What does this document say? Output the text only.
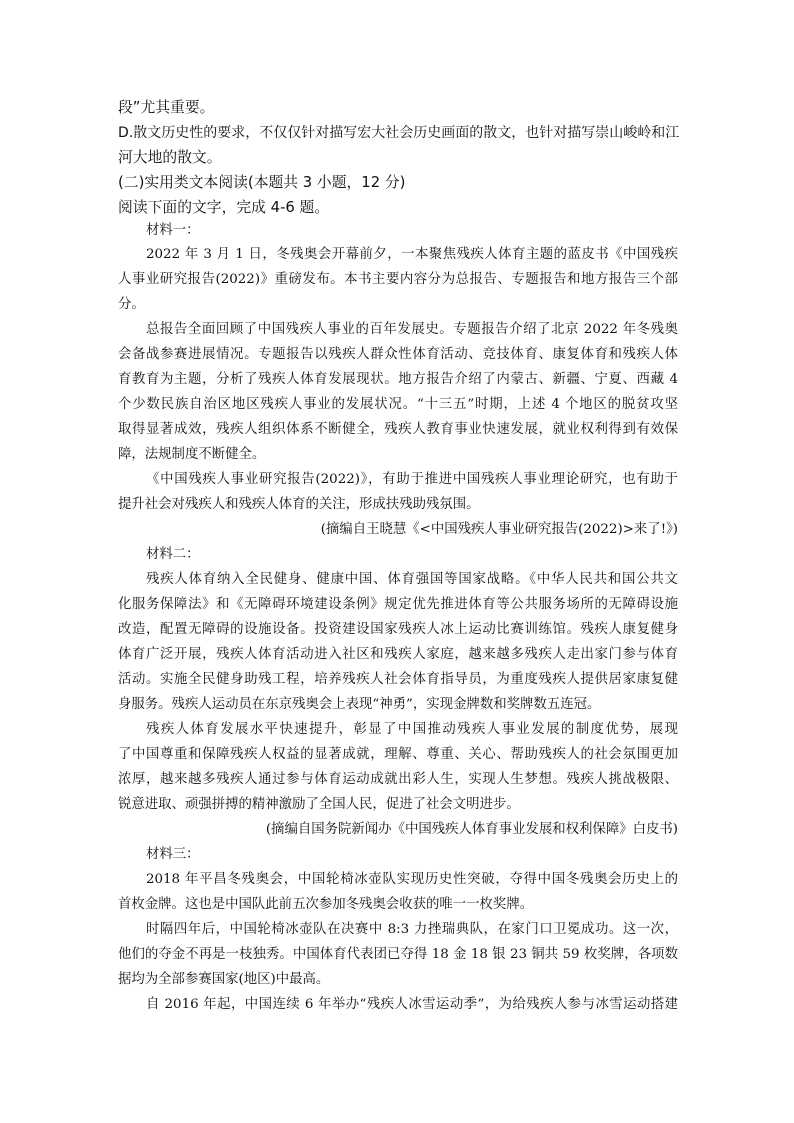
段”尤其重要。
D.散文历史性的要求，不仅仅针对描写宏大社会历史画面的散文，也针对描写崇山峻岭和江
河大地的散文。
(二)实用类文本阅读(本题共 3 小题，12 分)
阅读下面的文字，完成 4-6 题。
材料一：
2022 年 3 月 1 日，冬残奥会开幕前夕，一本聚焦残疾人体育主题的蓝皮书《中国残疾
人事业研究报告(2022)》重磅发布。本书主要内容分为总报告、专题报告和地方报告三个部
分。
总报告全面回顾了中国残疾人事业的百年发展史。专题报告介绍了北京 2022 年冬残奥
会备战参赛进展情况。专题报告以残疾人群众性体育活动、竞技体育、康复体育和残疾人体
育教育为主题，分析了残疾人体育发展现状。地方报告介绍了内蒙古、新疆、宁夏、西藏 4
个少数民族自治区地区残疾人事业的发展状况。“十三五”时期，上述 4 个地区的脱贫攻坚
取得显著成效，残疾人组织体系不断健全，残疾人教育事业快速发展，就业权利得到有效保
障，法规制度不断健全。
《中国残疾人事业研究报告(2022)》，有助于推进中国残疾人事业理论研究，也有助于
提升社会对残疾人和残疾人体育的关注，形成扶残助残氛围。
(摘编自王晓慧《<中国残疾人事业研究报告(2022)>来了!》)
材料二：
残疾人体育纳入全民健身、健康中国、体育强国等国家战略。《中华人民共和国公共文
化服务保障法》和《无障碍环境建设条例》规定优先推进体育等公共服务场所的无障碍设施
改造，配置无障碍的设施设备。投资建设国家残疾人冰上运动比赛训练馆。残疾人康复健身
体育广泛开展，残疾人体育活动进入社区和残疾人家庭，越来越多残疾人走出家门参与体育
活动。实施全民健身助残工程，培养残疾人社会体育指导员，为重度残疾人提供居家康复健
身服务。残疾人运动员在东京残奥会上表现“神勇”，实现金牌数和奖牌数五连冠。
残疾人体育发展水平快速提升，彰显了中国推动残疾人事业发展的制度优势，展现
了中国尊重和保障残疾人权益的显著成就，理解、尊重、关心、帮助残疾人的社会氛围更加
浓厚，越来越多残疾人通过参与体育运动成就出彩人生，实现人生梦想。残疾人挑战极限、
锐意进取、顽强拼搏的精神激励了全国人民，促进了社会文明进步。
(摘编自国务院新闻办《中国残疾人体育事业发展和权利保障》白皮书)
材料三：
2018 年平昌冬残奥会，中国轮椅冰壶队实现历史性突破，夺得中国冬残奥会历史上的
首枚金牌。这也是中国队此前五次参加冬残奥会收获的唯一一枚奖牌。
时隔四年后，中国轮椅冰壶队在决赛中 8:3 力挫瑞典队，在家门口卫冕成功。这一次，
他们的夺金不再是一枝独秀。中国体育代表团已夺得 18 金 18 银 23 铜共 59 枚奖牌，各项数
据均为全部参赛国家(地区)中最高。
自 2016 年起，中国连续 6 年举办“残疾人冰雪运动季”，为给残疾人参与冰雪运动搭建
